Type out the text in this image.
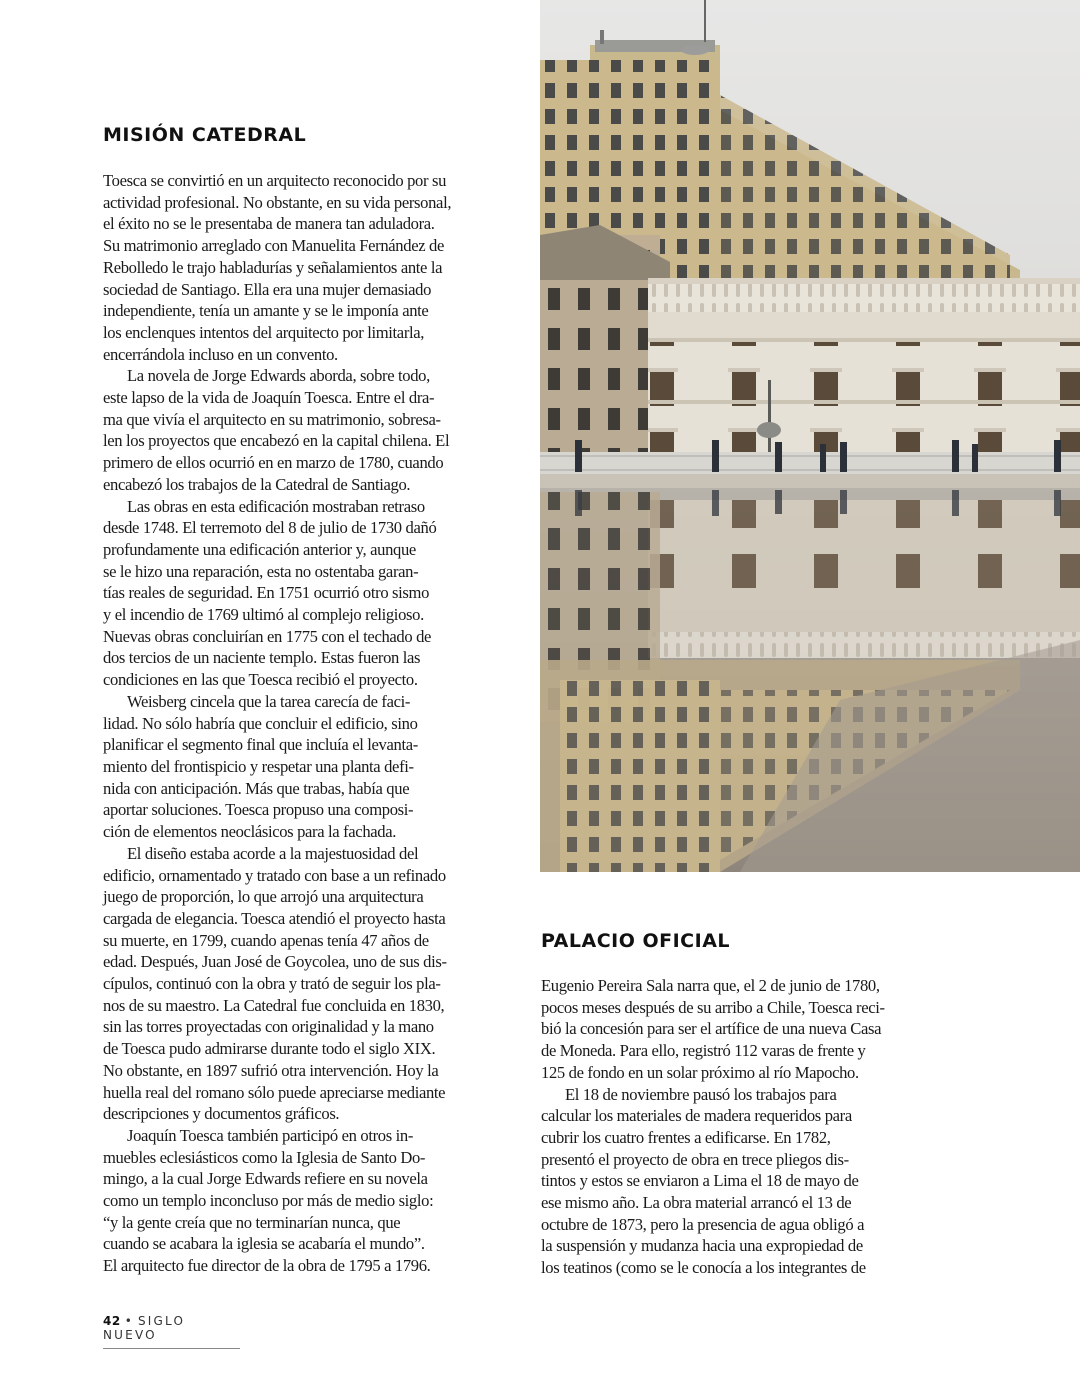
MISIÓN CATEDRAL

Toesca se convirtió en un arquitecto reconocido por su
actividad profesional. No obstante, en su vida personal,
el éxito no se le presentaba de manera tan aduladora.
Su matrimonio arreglado con Manuelita Fernández de
Rebolledo le trajo habladurías y señalamientos ante la
sociedad de Santiago. Ella era una mujer demasiado
independiente, tenía un amante y se le imponía ante
los enclenques intentos del arquitecto por limitarla,
encerrándola incluso en un convento.

La novela de Jorge Edwards aborda, sobre todo,
este lapso de la vida de Joaquín Toesca. Entre el dra-
ma que vivía el arquitecto en su matrimonio, sobresa-
len los proyectos que encabezó en la capital chilena. El
primero de ellos ocurrió en en marzo de 1780, cuando
encabezó los trabajos de la Catedral de Santiago.

Las obras en esta edificación mostraban retraso
desde 1748. El terremoto del 8 de julio de 1730 dañó
profundamente una edificación anterior y, aunque
se le hizo una reparación, esta no ostentaba garan-
tías reales de seguridad. En 1751 ocurrió otro sismo
y el incendio de 1769 ultimó al complejo religioso.
Nuevas obras concluirían en 1775 con el techado de
dos tercios de un naciente templo. Estas fueron las
condiciones en las que Toesca recibió el proyecto.

Weisberg cincela que la tarea carecía de faci-
lidad. No sólo habría que concluir el edificio, sino
planificar el segmento final que incluía el levanta-
miento del frontispicio y respetar una planta defi-
nida con anticipación. Más que trabas, había que
aportar soluciones. Toesca propuso una composi-
ción de elementos neoclásicos para la fachada.

El diseño estaba acorde a la majestuosidad del
edificio, ornamentado y tratado con base a un refinado
juego de proporción, lo que arrojó una arquitectura
cargada de elegancia. Toesca atendió el proyecto hasta
su muerte, en 1799, cuando apenas tenía 47 años de
edad. Después, Juan José de Goycolea, uno de sus dis-
cípulos, continuó con la obra y trató de seguir los pla-
nos de su maestro. La Catedral fue concluida en 1830,
sin las torres proyectadas con originalidad y la mano
de Toesca pudo admirarse durante todo el siglo XIX.
No obstante, en 1897 sufrió otra intervención. Hoy la
huella real del romano sólo puede apreciarse mediante
descripciones y documentos gráficos.

Joaquín Toesca también participó en otros in-
muebles eclesiásticos como la Iglesia de Santo Do-
mingo, a la cual Jorge Edwards refiere en su novela
como un templo inconcluso por más de medio siglo:
“y la gente creía que no terminarían nunca, que
cuando se acabara la iglesia se acabaría el mundo”.
El arquitecto fue director de la obra de 1795 a 1796.

PALACIO OFICIAL

Eugenio Pereira Sala narra que, el 2 de junio de 1780,
pocos meses después de su arribo a Chile, Toesca reci-
bió la concesión para ser el artífice de una nueva Casa
de Moneda. Para ello, registró 112 varas de frente y
125 de fondo en un solar próximo al río Mapocho.

El 18 de noviembre pausó los trabajos para
calcular los materiales de madera requeridos para
cubrir los cuatro frentes a edificarse. En 1782,
presentó el proyecto de obra en trece pliegos dis-
tintos y estos se enviaron a Lima el 18 de mayo de
ese mismo año. La obra material arrancó el 13 de
octubre de 1873, pero la presencia de agua obligó a
la suspensión y mudanza hacia una expropiedad de
los teatinos (como se le conocía a los integrantes de

42 • SIGLO NUEVO
